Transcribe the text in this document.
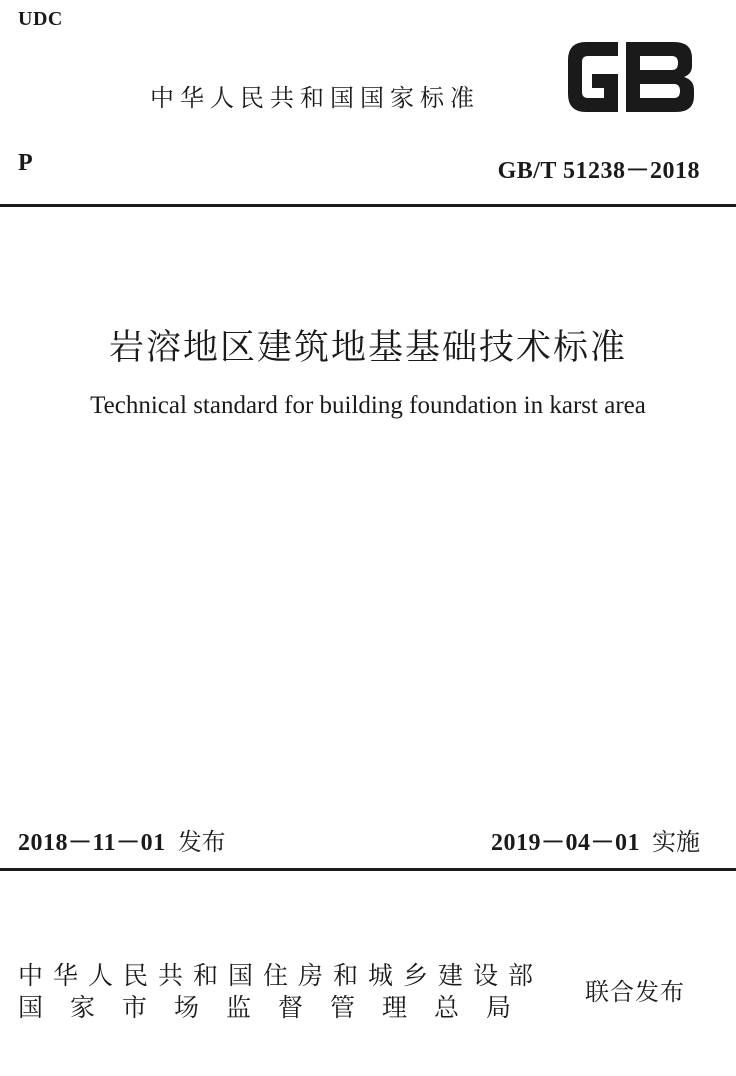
UDC
中华人民共和国国家标准
P	GB/T 51238－2018
岩溶地区建筑地基基础技术标准
Technical standard for building foundation in karst area
2018－11－01 发布	2019－04－01 实施
中华人民共和国住房和城乡建设部
国家市场监督管理总局
联合发布
